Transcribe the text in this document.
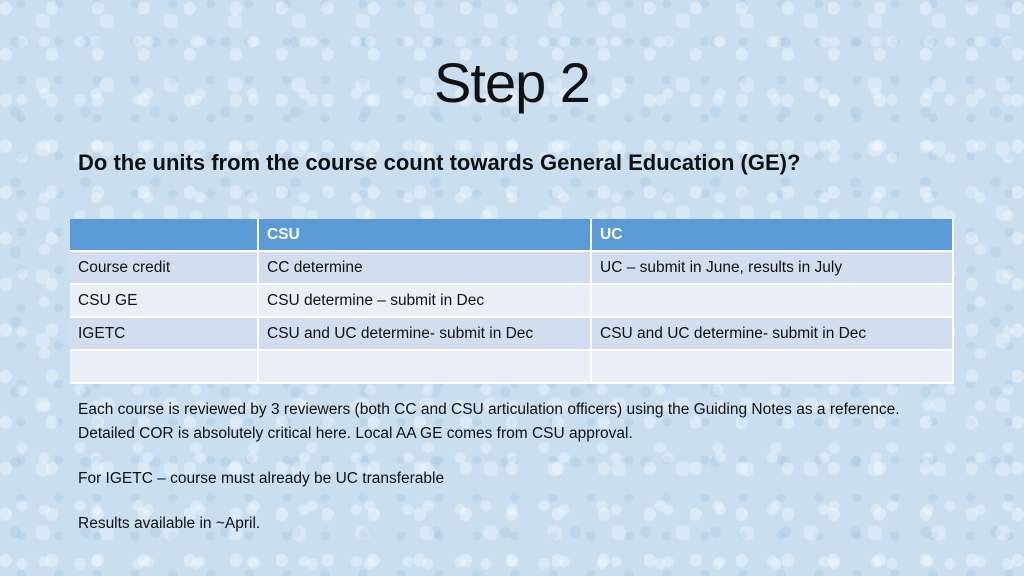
Step 2
Do the units from the course count towards General Education (GE)?
	CSU	UC
Course credit	CC determine	UC – submit in June, results in July
CSU GE	CSU determine – submit in Dec	
IGETC	CSU and UC determine- submit in Dec	CSU and UC determine- submit in Dec

Each course is reviewed by 3 reviewers (both CC and CSU articulation officers) using the Guiding Notes as a reference. Detailed COR is absolutely critical here. Local AA GE comes from CSU approval.

For IGETC – course must already be UC transferable

Results available in ~April.
